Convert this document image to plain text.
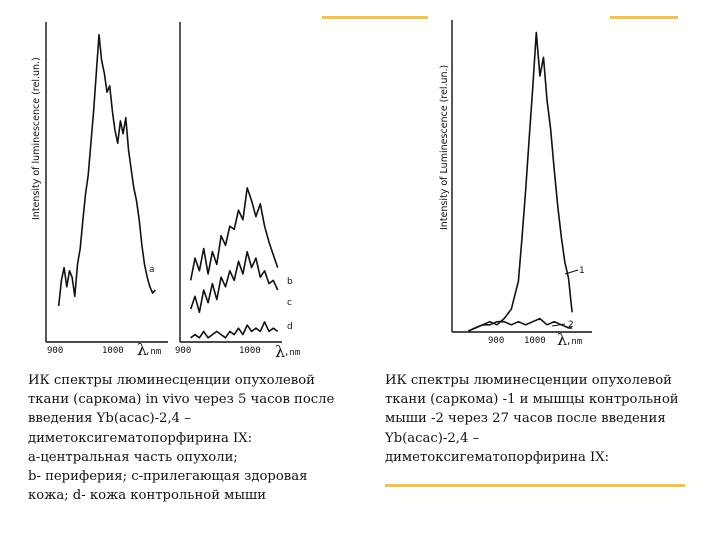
Intensity of luminescence (rel.un.)
900	1000 λ
,nm
a
900	1000 λ
,nm
b
c
d
Intensity of Luminescence (rel.un.)
900 1000 λ
,nm
1
2
ИК спектры люминесценции опухолевой
ткани (саркома) in vivo через 5 часов после
введения Yb(acac)-2,4 –
диметоксигематопорфирина IX:
а-центральная часть опухоли;
b- периферия; с-прилегающая здоровая
кожа; d- кожа контрольной мыши
ИК спектры люминесценции опухолевой
ткани (саркома) -1 и мышцы контрольной
мыши -2 через 27 часов после введения
Yb(acac)-2,4 –
диметоксигематопорфирина IX:
